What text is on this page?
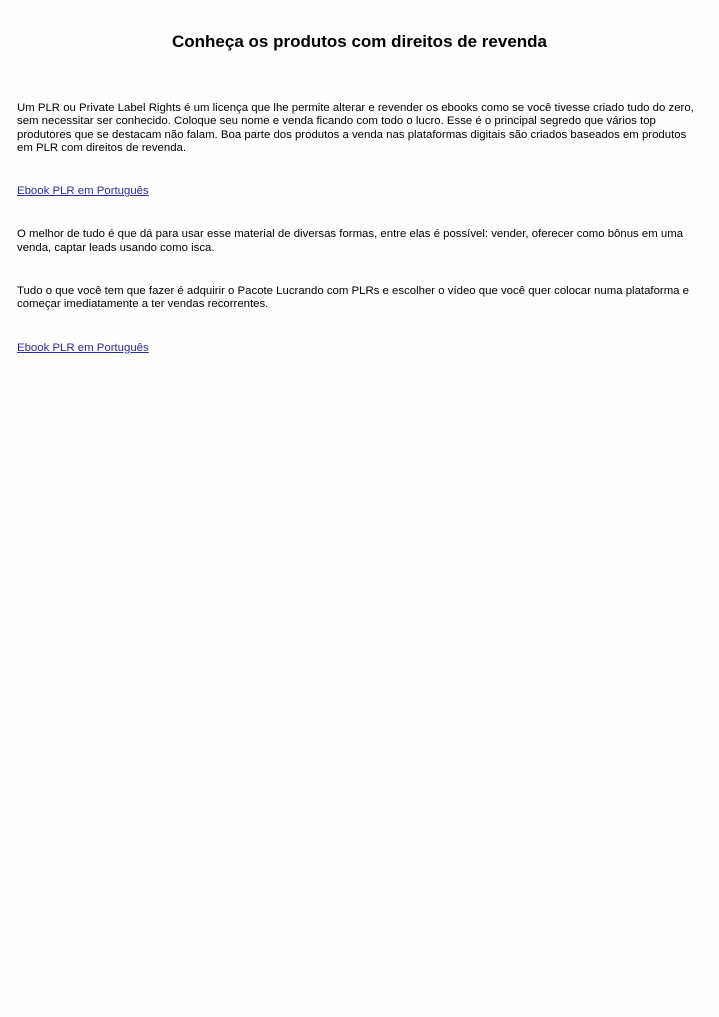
Conheça os produtos com direitos de revenda

Um PLR ou Private Label Rights é um licença que lhe permite alterar e revender os ebooks como se você tivesse criado tudo do zero, sem necessitar ser conhecido. Coloque seu nome e venda ficando com todo o lucro. Esse é o principal segredo que vários top produtores que se destacam não falam. Boa parte dos produtos a venda nas plataformas digitais são criados baseados em produtos em PLR com direitos de revenda.

Ebook PLR em Português

O melhor de tudo é que dá para usar esse material de diversas formas, entre elas é possível: vender, oferecer como bônus em uma venda, captar leads usando como isca.

Tudo o que você tem que fazer é adquirir o Pacote Lucrando com PLRs e escolher o vídeo que você quer colocar numa plataforma e começar imediatamente a ter vendas recorrentes.

Ebook PLR em Português
